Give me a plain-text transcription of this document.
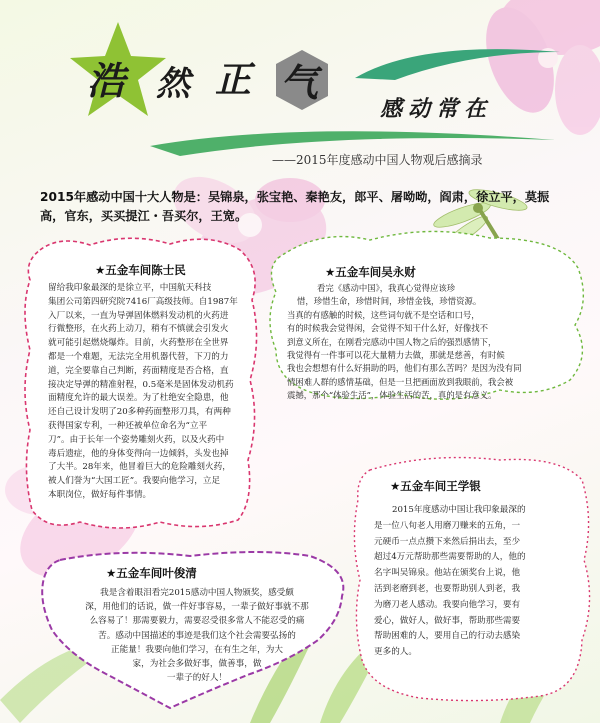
浩 然 正 气
感动常在
——2015年度感动中国人物观后感摘录
2015年感动中国十大人物是：吴锦泉，张宝艳、秦艳友，郎平、屠呦呦，阎肃，徐立平，莫振高，官东，买买提江・吾买尔，王宽。
★五金车间陈士民
留给我印象最深的是徐立平，中国航天科技
集团公司第四研究院7416厂高级技师。自1987年
入厂以来，一直为导弹固体燃料发动机的火药进
行微整形，在火药上动刀，稍有不慎就会引发火
就可能引起燃烧爆炸。目前，火药整形在全世界
都是一个难题，无法完全用机器代替，下刀的力
道，完全要靠自己判断，药面精度是否合格，直
接决定导弹的精准射程，0.5毫米是固体发动机药
面精度允许的最大误差。为了杜绝安全隐患，他
还自己设计发明了20多种药面整形刀具，有两种
获得国家专利，一种还被单位命名为“立平
刀”。由于长年一个姿势雕刻火药，以及火药中
毒后遗症，他的身体变得向一边倾斜，头发也掉
了大半。28年来，他冒着巨大的危险雕刻火药，
被人们誉为“大国工匠”。我要向他学习，立足
本职岗位，做好每件事情。
★五金车间吴永财
看完《感动中国》，我真心觉得应该珍
惜，珍惜生命，珍惜时间，珍惜金钱，珍惜资源。
当真的有感触的时候，这些词句就不是空话和口号，
有的时候我会觉得闲，会觉得不知干什么好，好像找不
到意义所在，在刚看完感动中国人物之后的强烈感情下，
我觉得有一件事可以花大量精力去做，那就是慈善，有时候
我也会想想有什么好捐助的吗，他们有那么苦吗？是因为没有同
情困难人群的感情基础，但是一旦把画面放到我眼前，我会被
震撼，那个“体验生活”，体验生活的苦，真的是有意义。
★五金车间王学银
2015年度感动中国让我印象最深的
是一位八旬老人用磨刀赚来的五角，一
元硬币一点点攒下来然后捐出去，至少
超过4万元帮助那些需要帮助的人，他的
名字叫吴锦泉。他站在颁奖台上说，他
活到老磨到老，也要帮助别人到老，我
为磨刀老人感动。我要向他学习，要有
爱心，做好人，做好事，帮助那些需要
帮助困难的人，要用自己的行动去感染
更多的人。
★五金车间叶俊清
我是含着眼泪看完2015感动中国人物颁奖，感受颇
深，用他们的话说，做一件好事容易，一辈子做好事就不那
么容易了！那需要毅力，需要忍受很多常人不能忍受的痛
苦。感动中国描述的事迹是我们这个社会需要弘扬的
正能量！我要向他们学习，在有生之年，为大
家，为社会多做好事，做善事，做
一辈子的好人！
